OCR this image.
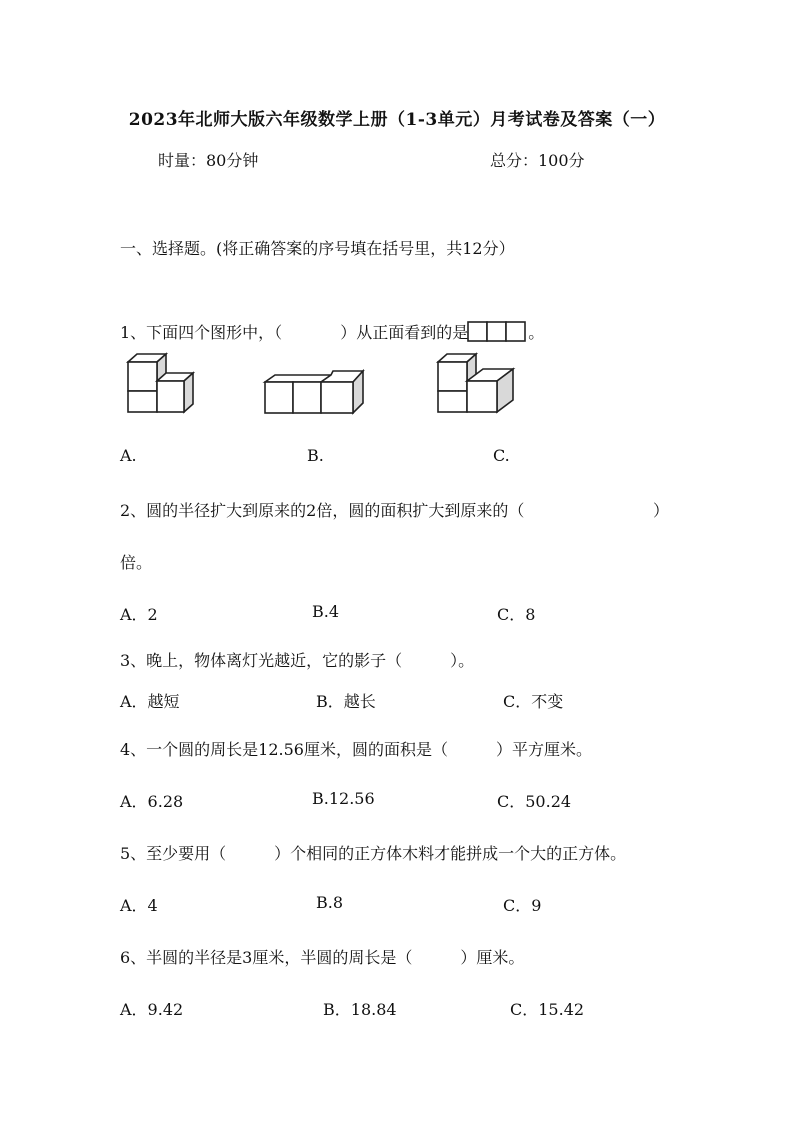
2023年北师大版六年级数学上册（1-3单元）月考试卷及答案（一）
时量：80分钟	总分：100分
一、选择题。(将正确答案的序号填在括号里，共12分）
1、下面四个图形中，（	）从正面看到的是	。
A.	B.	C.
2、圆的半径扩大到原来的2倍，圆的面积扩大到原来的（	）
倍。
A．2	B.4	C．8
3、晚上，物体离灯光越近，它的影子（　　　）。
A．越短	B．越长	C．不变
4、一个圆的周长是12.56厘米，圆的面积是（　　　）平方厘米。
A．6.28	B.12.56	C．50.24
5、至少要用（　　　）个相同的正方体木料才能拼成一个大的正方体。
A．4	B.8	C．9
6、半圆的半径是3厘米，半圆的周长是（　　　）厘米。
A．9.42	B．18.84	C．15.42
